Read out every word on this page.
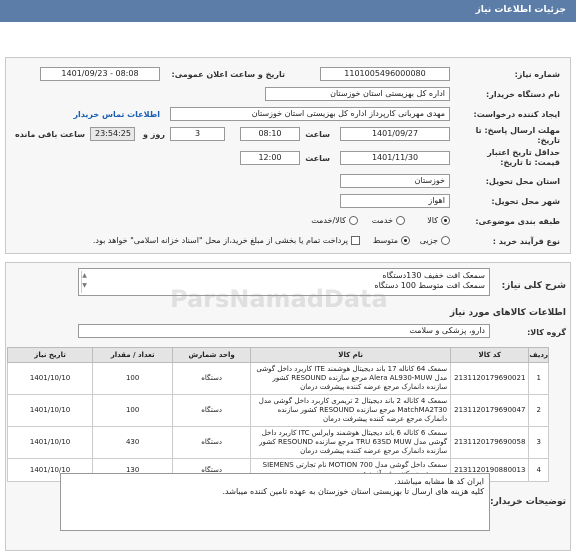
جزئیات اطلاعات نیاز
شماره نیاز:
1101005496000080
تاریخ و ساعت اعلان عمومی:
1401/09/23 - 08:08
نام دستگاه خریدار:
اداره کل بهزیستی استان خوزستان
ایجاد کننده درخواست:
مهدی مهربانی کارپرداز اداره کل بهزیستی استان خوزستان
اطلاعات تماس خریدار
مهلت ارسال پاسخ: تا تاریخ:
1401/09/27
ساعت
08:10
3
روز و
23:54:25
ساعت باقی مانده
حداقل تاریخ اعتبار قیمت: تا تاریخ:
1401/11/30
ساعت
12:00
استان محل تحویل:
خوزستان
شهر محل تحویل:
اهواز
طبقه بندی موضوعی:
کالا
خدمت
کالا/خدمت
نوع فرآیند خرید :
جزیی
متوسط
پرداخت تمام یا بخشی از مبلغ خرید،از محل "اسناد خزانه اسلامی" خواهد بود.
شرح کلی نیاز:
سمعک افت خفیف 130دستگاه
سمعک افت متوسط 100 دستگاه
▲
▼	ParsNamadData	اطلاعات کالاهای مورد نیاز
گروه کالا:
دارو، پزشکی و سلامت
ردیف	کد کالا	نام کالا	واحد شمارش	تعداد / مقدار	تاریخ نیاز
1	2131120179690021	سمعک 64 کاناله 17 باند دیجیتال هوشمند ITE کاربرد داخل گوشی مدل Alera AL930-MUW مرجع سازنده RESOUND کشور سازنده دانمارک مرجع عرضه کننده پیشرفت درمان	دستگاه	100	1401/10/10
2	2131120179690047	سمعک 4 کاناله 2 باند دیجیتال 2 تریمری کاربرد داخل گوشی مدل MatchMA2T30 مرجع سازنده RESOUND کشور سازنده دانمارک مرجع عرضه کننده پیشرفت درمان	دستگاه	100	1401/10/10
3	2131120179690058	سمعک 6 کاناله 6 باند دیجیتال هوشمند وایرلس ITC کاربرد داخل گوشی مدل TRU 63SD MUW مرجع سازنده RESOUND کشور سازنده دانمارک مرجع عرضه کننده پیشرفت درمان	دستگاه	430	1401/10/10
4	2131120190880013	سمعک داخل گوشی مدل MOTION 700 نام تجارتی SIEMENS	دستگاه	130	1401/10/10
توضیحات خریدار:
ایران کد ها مشابه میباشند.
کلیه هزینه های ارسال تا بهزیستی استان خوزستان به عهده تامین کننده میباشد.
